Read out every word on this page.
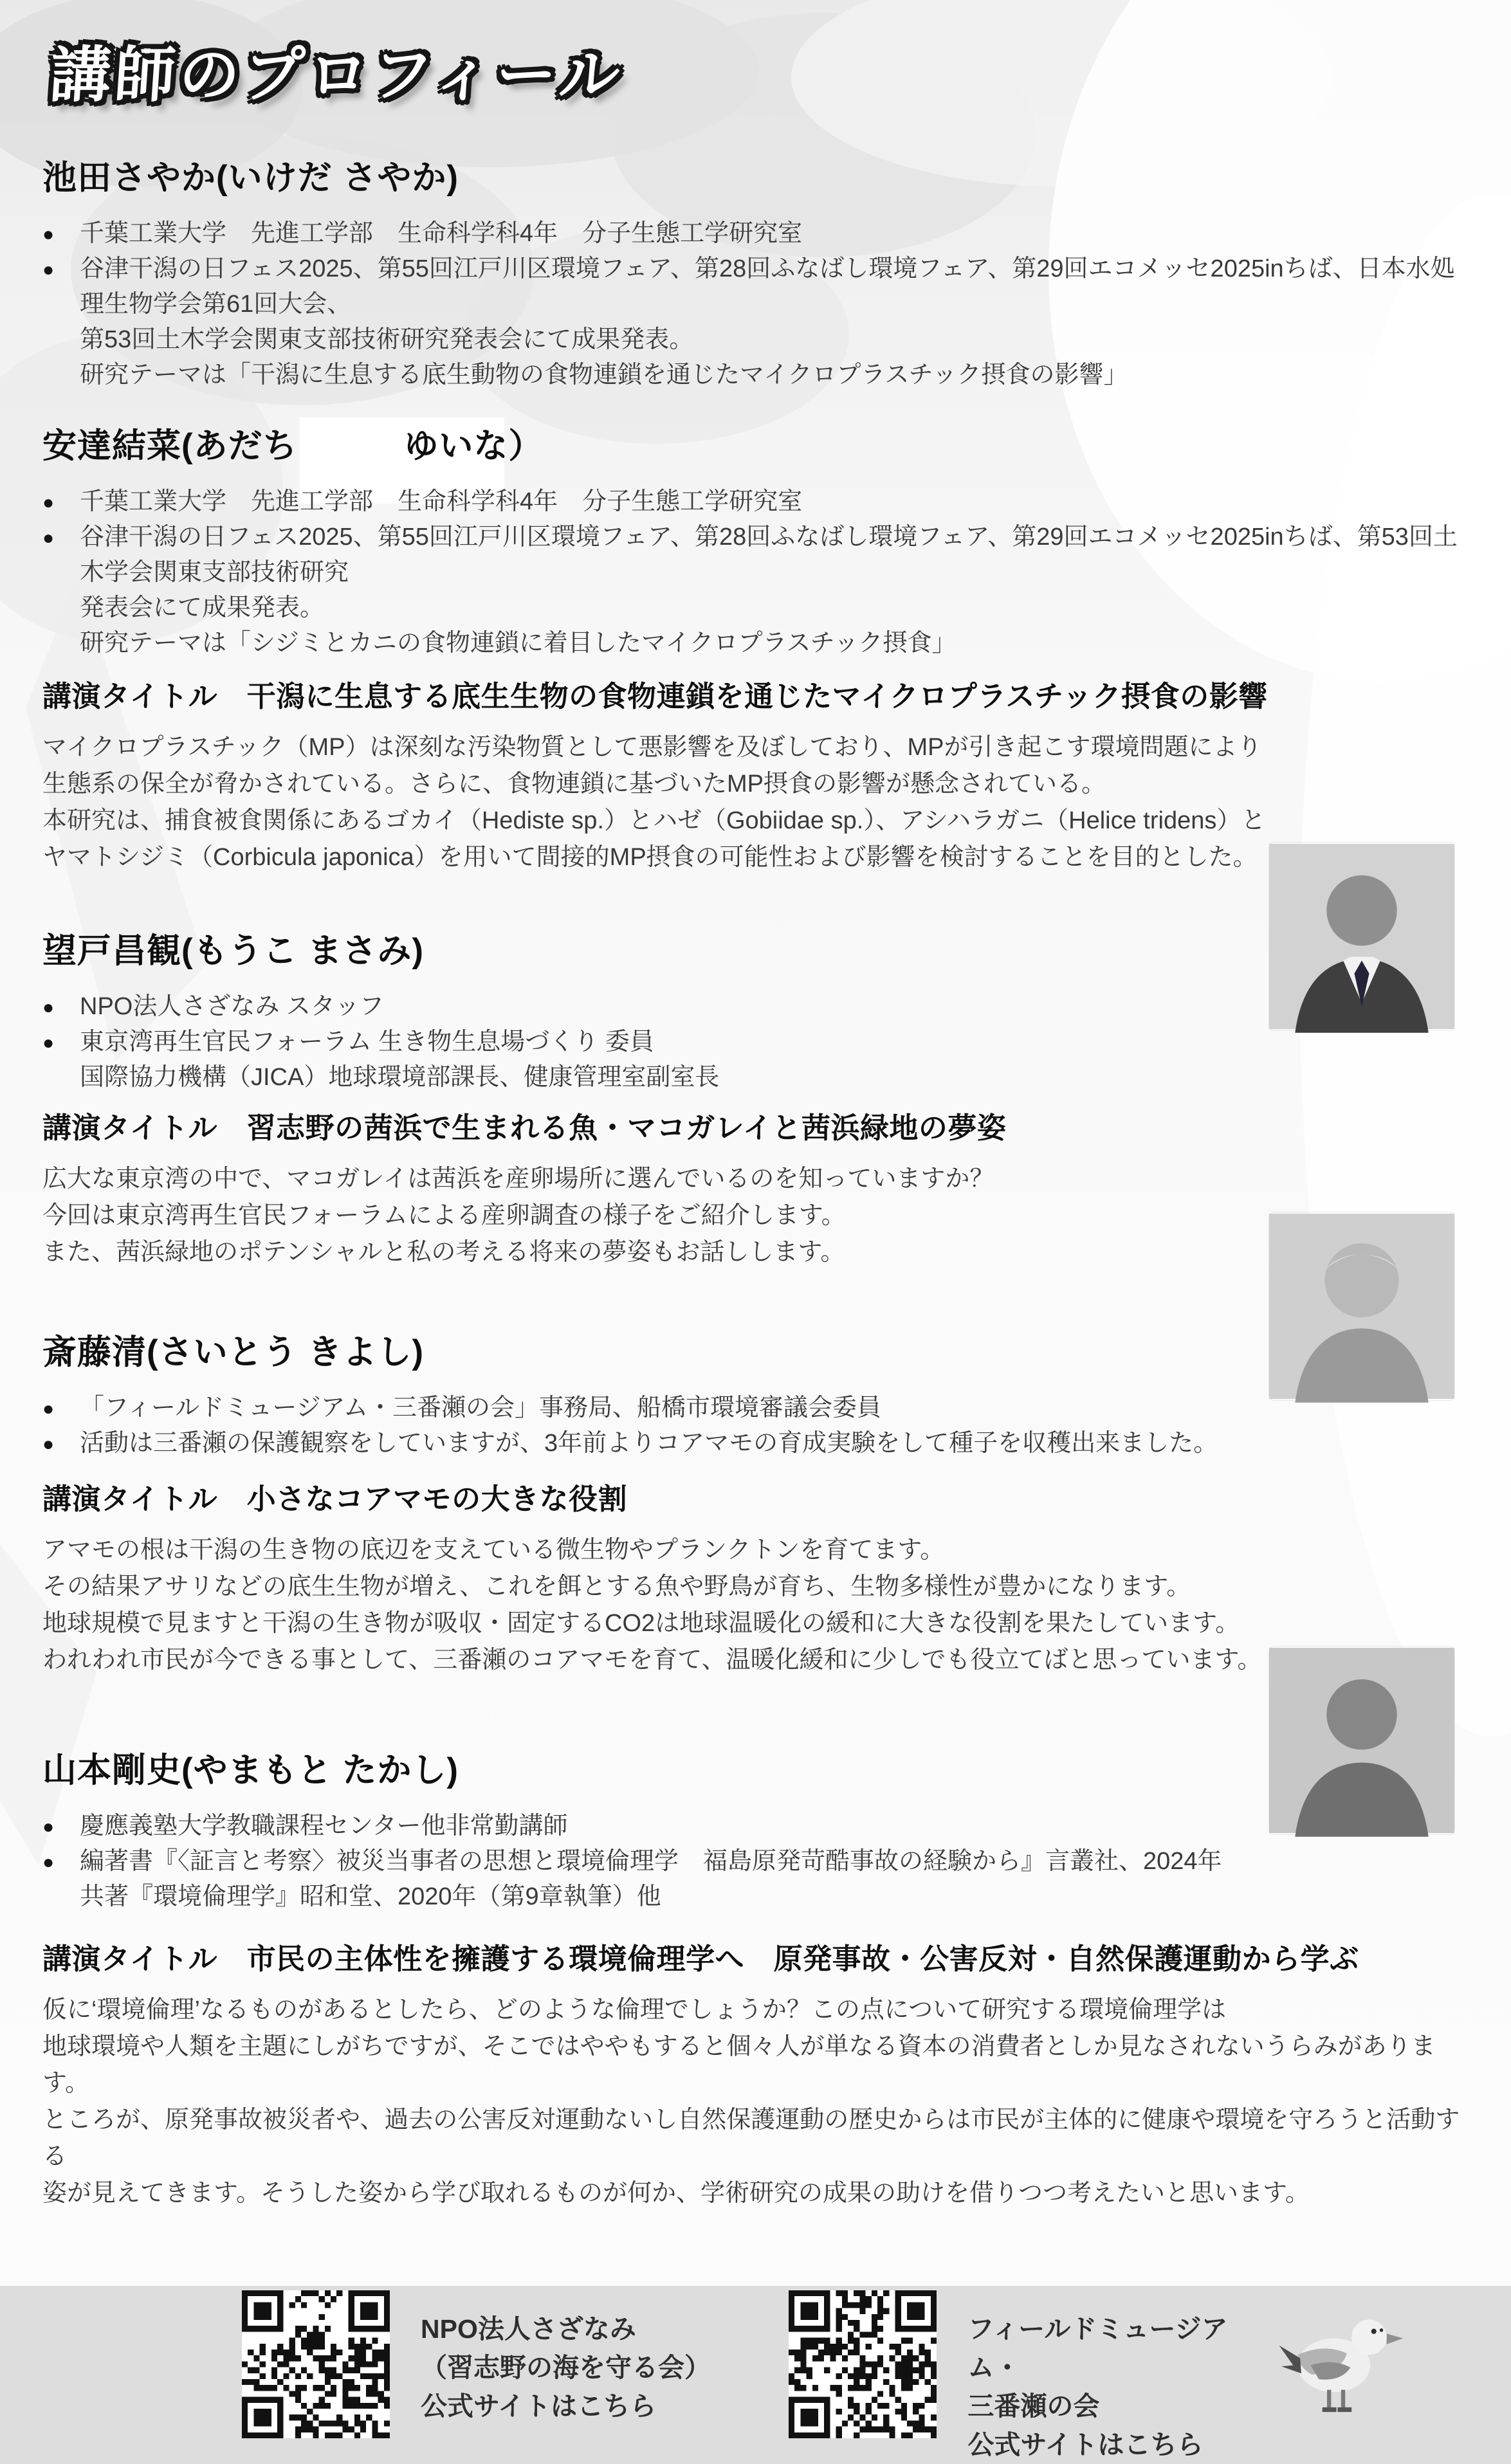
講師のプロフィール
池田さやか(いけだ さやか)

● 千葉工業大学　先進工学部　生命科学科4年　分子生態工学研究室

● 谷津干潟の日フェス2025、第55回江戸川区環境フェア、第28回ふなばし環境フェア、第29回エコメッセ2025inちば、日本水処理生物学会第61回大会、

第53回土木学会関東支部技術研究発表会にて成果発表。

研究テーマは「干潟に生息する底生動物の食物連鎖を通じたマイクロプラスチック摂食の影響」

安達結菜(あだち	ゆいな）

● 千葉工業大学　先進工学部　生命科学科4年　分子生態工学研究室

● 谷津干潟の日フェス2025、第55回江戸川区環境フェア、第28回ふなばし環境フェア、第29回エコメッセ2025inちば、第53回土木学会関東支部技術研究

発表会にて成果発表。

研究テーマは「シジミとカニの食物連鎖に着目したマイクロプラスチック摂食」

講演タイトル　干潟に生息する底生生物の食物連鎖を通じたマイクロプラスチック摂食の影響

マイクロプラスチック（MP）は深刻な汚染物質として悪影響を及ぼしており、MPが引き起こす環境問題により

生態系の保全が脅かされている。さらに、食物連鎖に基づいたMP摂食の影響が懸念されている。

本研究は、捕食被食関係にあるゴカイ（Hediste sp.）とハゼ（Gobiidae sp.）、アシハラガニ（Helice tridens）と

ヤマトシジミ（Corbicula japonica）を用いて間接的MP摂食の可能性および影響を検討することを目的とした。

望戸昌観(もうこ まさみ)

● NPO法人さざなみ スタッフ

● 東京湾再生官民フォーラム 生き物生息場づくり 委員

国際協力機構（JICA）地球環境部課長、健康管理室副室長

講演タイトル　習志野の茜浜で生まれる魚・マコガレイと茜浜緑地の夢姿

広大な東京湾の中で、マコガレイは茜浜を産卵場所に選んでいるのを知っていますか？

今回は東京湾再生官民フォーラムによる産卵調査の様子をご紹介します。

また、茜浜緑地のポテンシャルと私の考える将来の夢姿もお話しします。

斎藤清(さいとう きよし)

● 「フィールドミュージアム・三番瀬の会」事務局、船橋市環境審議会委員

● 活動は三番瀬の保護観察をしていますが、3年前よりコアマモの育成実験をして種子を収穫出来ました。

講演タイトル　小さなコアマモの大きな役割

アマモの根は干潟の生き物の底辺を支えている微生物やプランクトンを育てます。

その結果アサリなどの底生生物が増え、これを餌とする魚や野鳥が育ち、生物多様性が豊かになります。

地球規模で見ますと干潟の生き物が吸収・固定するCO2は地球温暖化の緩和に大きな役割を果たしています。

われわれ市民が今できる事として、三番瀬のコアマモを育て、温暖化緩和に少しでも役立てばと思っています。

山本剛史(やまもと たかし)

● 慶應義塾大学教職課程センター他非常勤講師

● 編著書『〈証言と考察〉被災当事者の思想と環境倫理学　福島原発苛酷事故の経験から』言叢社、2024年

共著『環境倫理学』昭和堂、2020年（第9章執筆）他

講演タイトル　市民の主体性を擁護する環境倫理学へ　原発事故・公害反対・自然保護運動から学ぶ

仮に‘環境倫理’なるものがあるとしたら、どのような倫理でしょうか？この点について研究する環境倫理学は

地球環境や人類を主題にしがちですが、そこではややもすると個々人が単なる資本の消費者としか見なされないうらみがあります。

ところが、原発事故被災者や、過去の公害反対運動ないし自然保護運動の歴史からは市民が主体的に健康や環境を守ろうと活動する

姿が見えてきます。そうした姿から学び取れるものが何か、学術研究の成果の助けを借りつつ考えたいと思います。

NPO法人さざなみ

（習志野の海を守る会）

公式サイトはこちら

フィールドミュージアム・

三番瀬の会

公式サイトはこちら
